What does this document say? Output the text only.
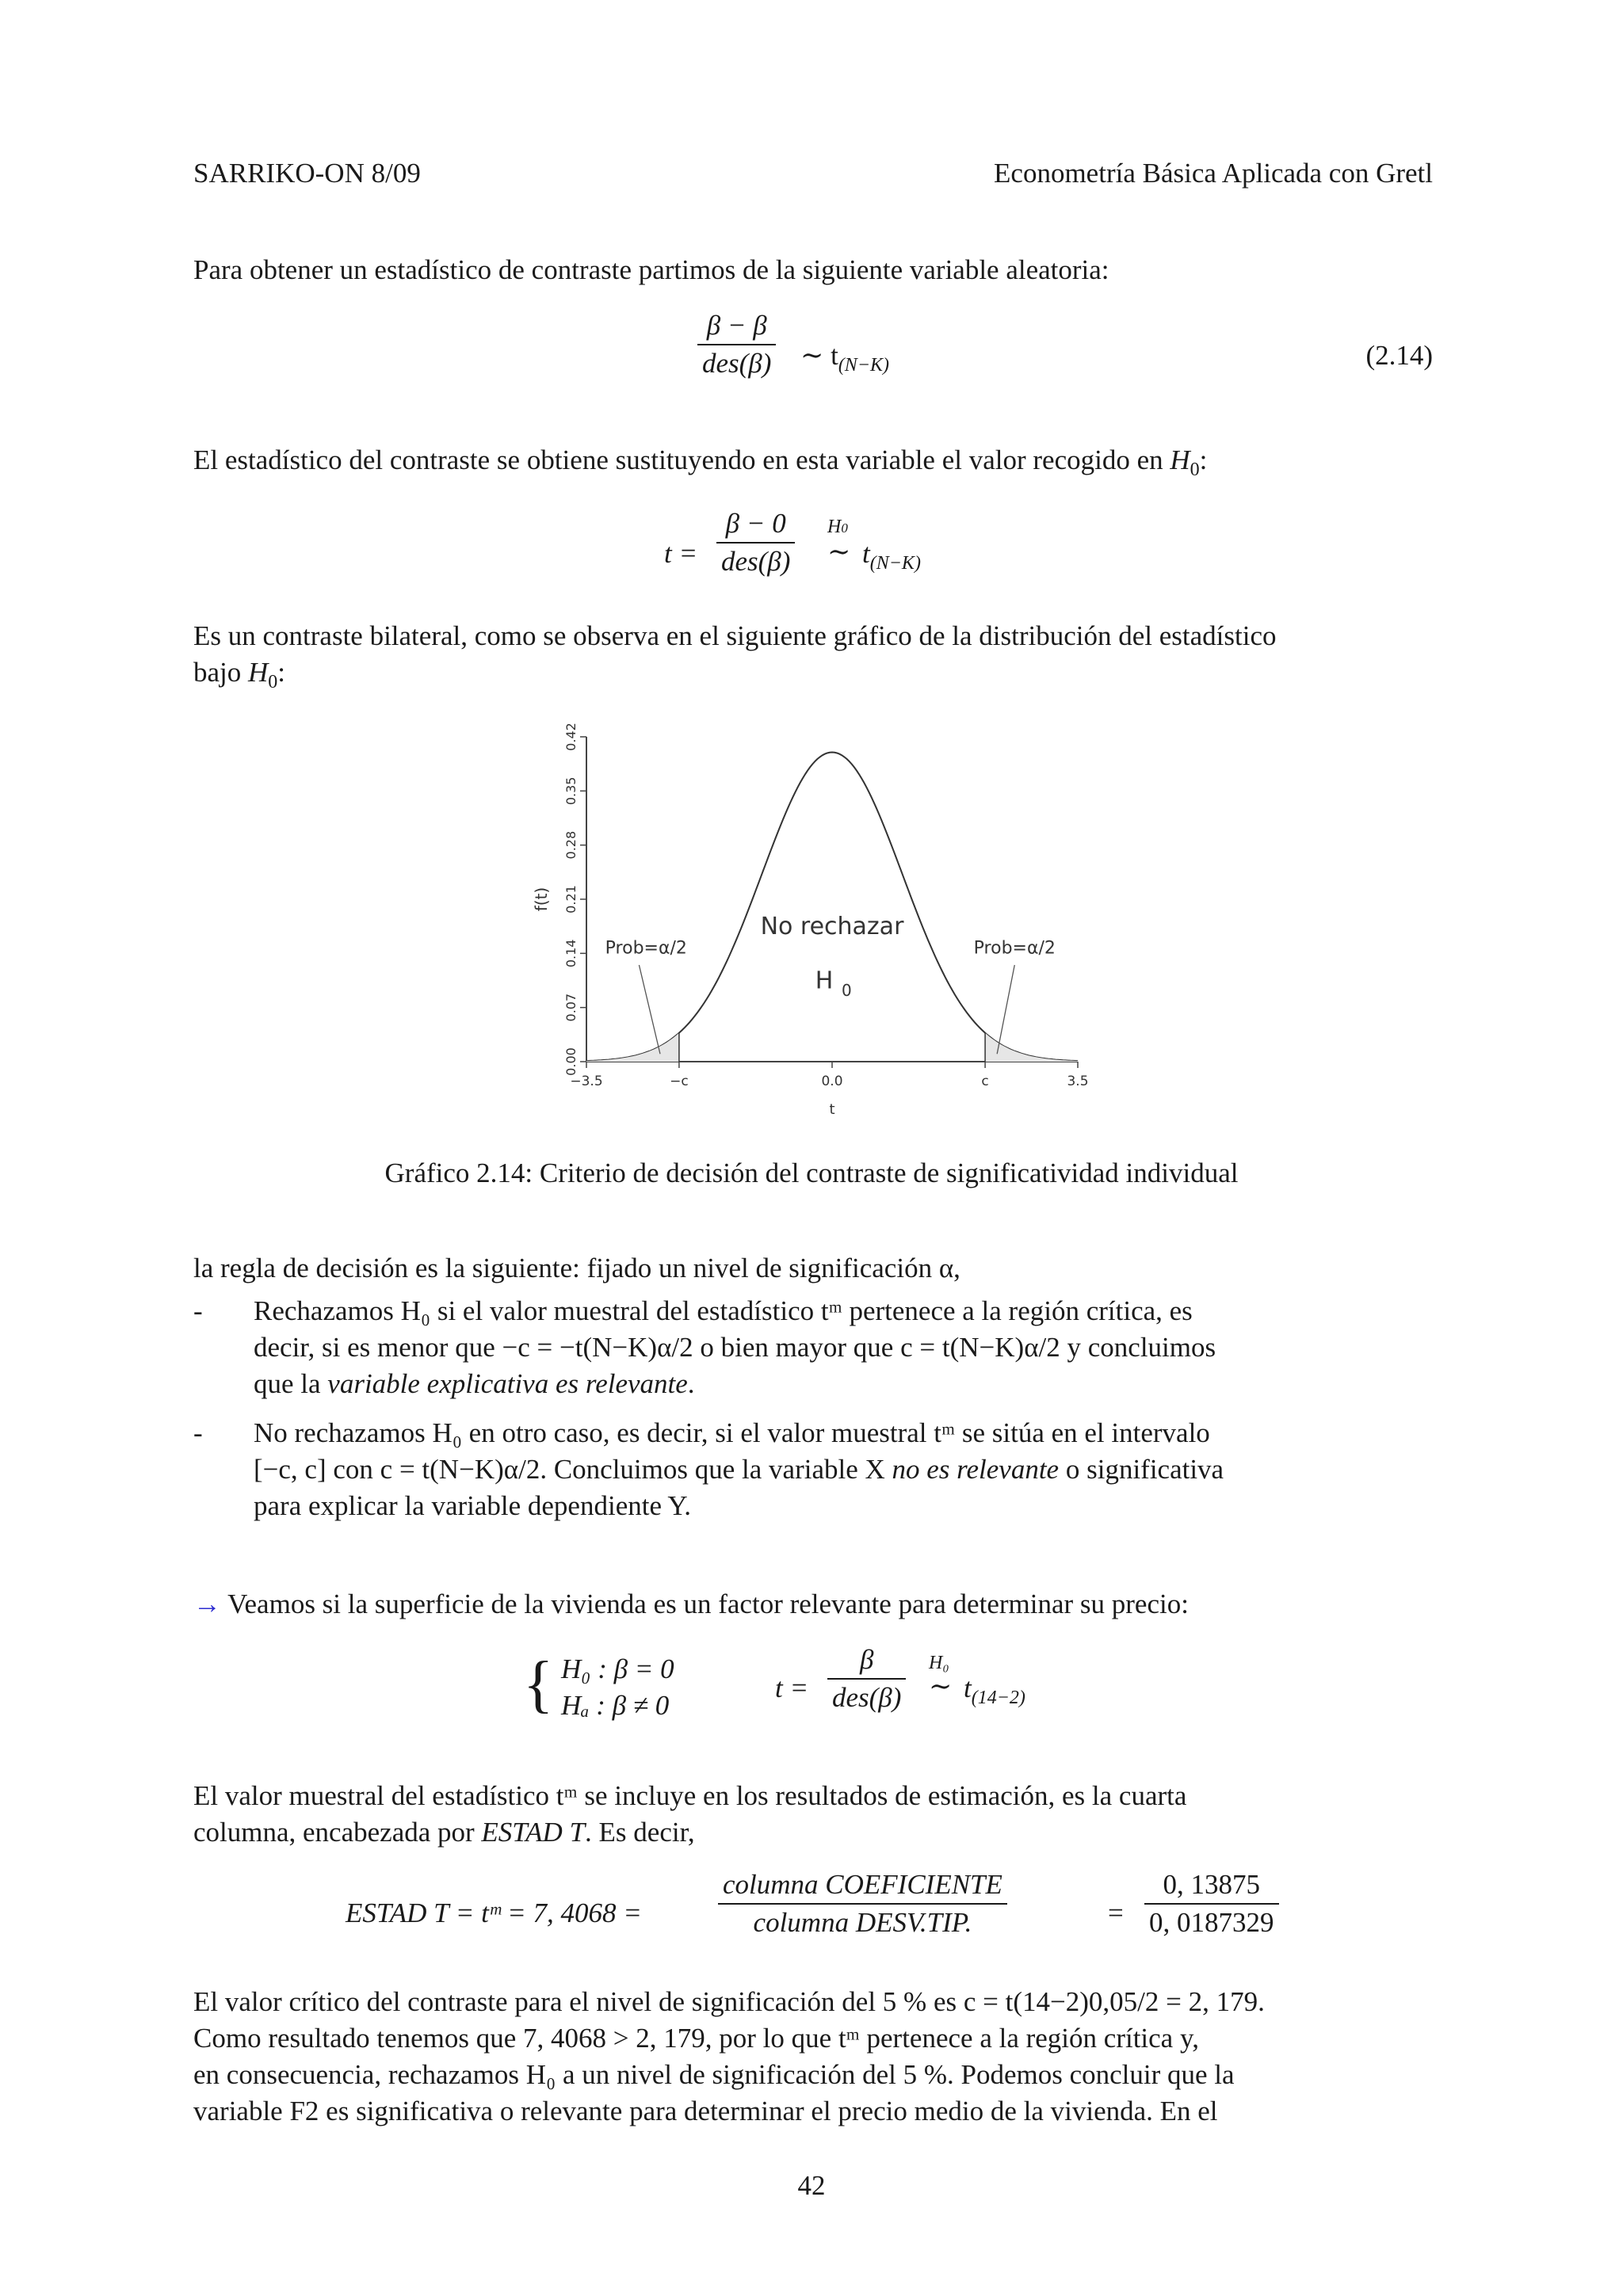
SARRIKO-ON 8/09	Econometría Básica Aplicada con Gretl

Para obtener un estadístico de contraste partimos de la siguiente variable aleatoria:

β − β
des(β) ∼ $t_{(N-K)}$	(2.14)

El estadístico del contraste se obtiene sustituyendo en esta variable el valor recogido en $H_0$:

t =
β − 0
des(β)
H0
∼ $t_{(N-K)}$

Es un contraste bilateral, como se observa en el siguiente gráfico de la distribución del estadístico

bajo $H_0$:

0.00
0.07
0.14
0.21
0.28
0.35
0.42
f(t)
−3.5	−c	0.0	c	3.5
t
No rechazar
H 0
Prob=α/2	Prob=α/2

Gráfico 2.14: Criterio de decisión del contraste de significatividad individual

la regla de decisión es la siguiente: fijado un nivel de significación α,

- Rechazamos H₀ si el valor muestral del estadístico tᵐ pertenece a la región crítica, es
decir, si es menor que −c = −t(N−K)α/2 o bien mayor que c = t(N−K)α/2 y concluimos
que la variable explicativa es relevante.
- No rechazamos H₀ en otro caso, es decir, si el valor muestral tᵐ se sitúa en el intervalo
[−c, c] con c = t(N−K)α/2. Concluimos que la variable X no es relevante o significativa
para explicar la variable dependiente Y.

→ Veamos si la superficie de la vivienda es un factor relevante para determinar su precio:

{ H₀ : β = 0
Hₐ : β ≠ 0
t =
β
des(β)
H₀
∼ $t_{(14-2)}$

El valor muestral del estadístico tᵐ se incluye en los resultados de estimación, es la cuarta

columna, encabezada por ESTAD T. Es decir,

ESTAD T = tᵐ = 7, 4068 =
columna COEFICIENTE
columna DESV.TIP.	= $\frac{0, 13875}{0, 0187329}$

El valor crítico del contraste para el nivel de significación del 5 % es c = t(14−2)0,05/2 = 2, 179.

Como resultado tenemos que 7, 4068 > 2, 179, por lo que tᵐ pertenece a la región crítica y,

en consecuencia, rechazamos H₀ a un nivel de significación del 5 %. Podemos concluir que la

variable F2 es significativa o relevante para determinar el precio medio de la vivienda. En el

42
